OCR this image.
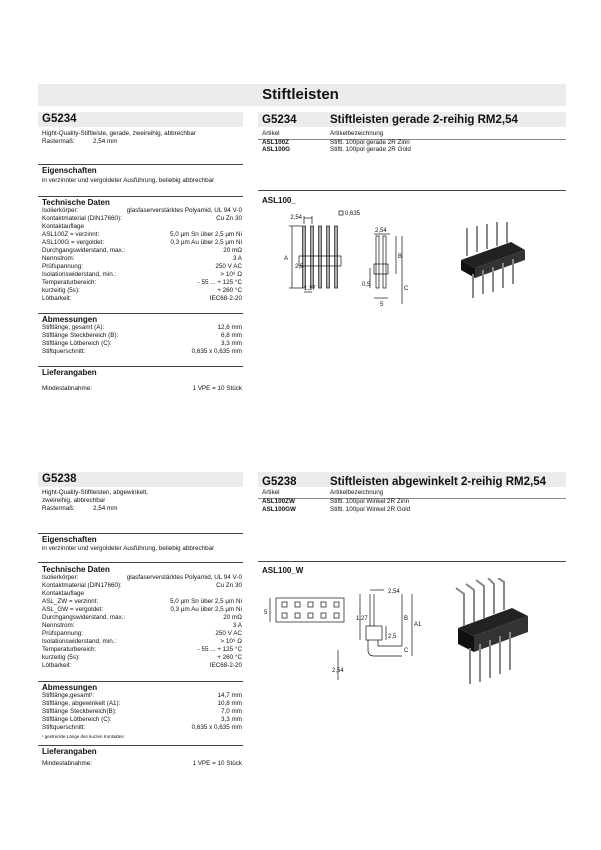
Stiftleisten
G5234
Hight-Quality-Stiftleiste, gerade, zweireihig, abbrechbar
Rastermaß:	2,54 mm
Eigenschaften
in verzinnter und vergoldeter Ausführung, beliebig abbrechbar
Technische Daten
Isolierkörper:	glasfaserverstärktes Polyamid, UL 94 V-0
Kontaktmaterial (DIN17660):	Cu Zn 30
Kontaktauflage
ASL100Z = verzinnt:	5,0 µm Sn über 2,5 µm Ni
ASL100G = vergoldet:	0,3 µm Au über 2,5 µm Ni
Durchgangswiderstand, max.:	20 mΩ
Nennstrom:	3 A
Prüfspannung:	250 V AC
Isolationswiderstand, min.:	> 10⁹ Ω
Temperaturbereich:	- 55 ... + 125 °C
kurzeitig (5s):	+ 260 °C
Lötbarkeit:	IEC68-2-20
Abmessungen
Stiftlänge, gesamt (A):	12,6 mm
Stiftlänge Steckbereich (B):	6,8 mm
Stiftlänge Lötbereich (C):	3,3 mm
Stiftquerschnitt:	0,635 x 0,635 mm
Lieferangaben
Mindestabnahme:	1 VPE = 10 Stück
G5234	Stiftleisten gerade 2-reihig RM2,54
Artikel	Artikelbezeichnung
ASL100Z	Stiftl. 100pol gerade 2R Zinn
ASL100G	Stiftl. 100pol gerade 2R Gold
ASL100_
2,54
0,635
2,54
A	B
C
1,27
2,5
0,5
5
G5238
Hight-Quality-Stiftleisten, abgewinkelt,
zweireihig, abbrechbar
Rastermaß:	2,54 mm
Eigenschaften
in verzinnter und vergoldeter Ausführung, beliebig abbrechbar
Technische Daten
Isolierkörper:	glasfaserverstärktes Polyamid, UL 94 V-0
Kontaktmaterial (DIN17660):	Cu Zn 30
Kontaktauflage
ASL_ZW = verzinnt:	5,0 µm Sn über 2,5 µm Ni
ASL_GW = vergoldet:	0,3 µm Au über 2,5 µm Ni
Durchgangswiderstand, max.:	20 mΩ
Nennstrom:	3 A
Prüfspannung:	250 V AC
Isolationswiderstand, min.:	> 10⁹ Ω
Temperaturbereich:	- 55 ... + 125 °C
kurzeitig (5s):	+ 260 °C
Lötbarkeit:	IEC68-2-20
Abmessungen
Stiftlänge,gesamt¹:	14,7 mm
Stiftlänge, abgewinkelt (A1):	10,8 mm
Stiftlänge Steckbereich(B):	7,0 mm
Stiftlänge Lötbereich (C):	3,3 mm
Stiftquerschnitt:	0,635 x 0,635 mm
¹ gestreckte Länge des kurzen Kontaktes
Lieferangaben
Mindestabnahme:	1 VPE = 10 Stück
G5238	Stiftleisten abgewinkelt 2-reihig RM2,54
Artikel	Artikelbezeichnung
ASL100ZW	Stiftl. 100pol Winkel 2R Zinn
ASL100GW	Stiftl. 100pol Winkel 2R Gold
ASL100_W
2,54
1,27
2,5
A1
B
C
2,54
5
